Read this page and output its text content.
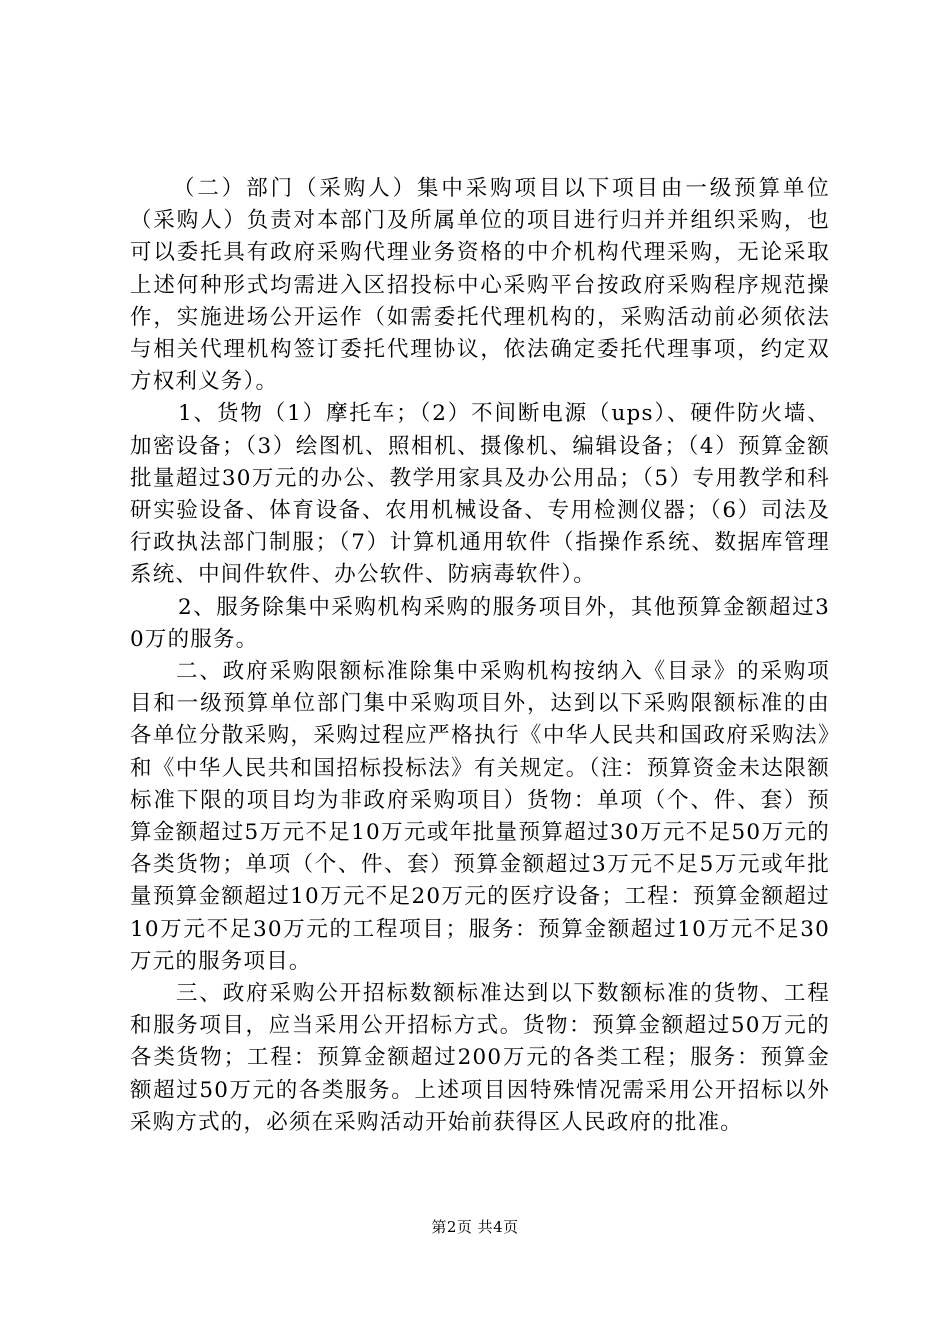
（二）部门（采购人）集中采购项目以下项目由一级预算单位（采购人）负责对本部门及所属单位的项目进行归并并组织采购，也可以委托具有政府采购代理业务资格的中介机构代理采购，无论采取上述何种形式均需进入区招投标中心采购平台按政府采购程序规范操作，实施进场公开运作（如需委托代理机构的，采购活动前必须依法与相关代理机构签订委托代理协议，依法确定委托代理事项，约定双方权利义务）。

1、货物（1）摩托车；（2）不间断电源（ups）、硬件防火墙、加密设备；（3）绘图机、照相机、摄像机、编辑设备；（4）预算金额批量超过30万元的办公、教学用家具及办公用品；（5）专用教学和科研实验设备、体育设备、农用机械设备、专用检测仪器；（6）司法及行政执法部门制服；（7）计算机通用软件（指操作系统、数据库管理系统、中间件软件、办公软件、防病毒软件）。

2、服务除集中采购机构采购的服务项目外，其他预算金额超过30万的服务。

二、政府采购限额标准除集中采购机构按纳入《目录》的采购项目和一级预算单位部门集中采购项目外，达到以下采购限额标准的由各单位分散采购，采购过程应严格执行《中华人民共和国政府采购法》和《中华人民共和国招标投标法》有关规定。（注：预算资金未达限额标准下限的项目均为非政府采购项目）货物：单项（个、件、套）预算金额超过5万元不足10万元或年批量预算超过30万元不足50万元的各类货物；单项（个、件、套）预算金额超过3万元不足5万元或年批量预算金额超过10万元不足20万元的医疗设备；工程：预算金额超过10万元不足30万元的工程项目；服务：预算金额超过10万元不足30万元的服务项目。

三、政府采购公开招标数额标准达到以下数额标准的货物、工程和服务项目，应当采用公开招标方式。货物：预算金额超过50万元的各类货物；工程：预算金额超过200万元的各类工程；服务：预算金额超过50万元的各类服务。上述项目因特殊情况需采用公开招标以外采购方式的，必须在采购活动开始前获得区人民政府的批准。

第2页 共4页
